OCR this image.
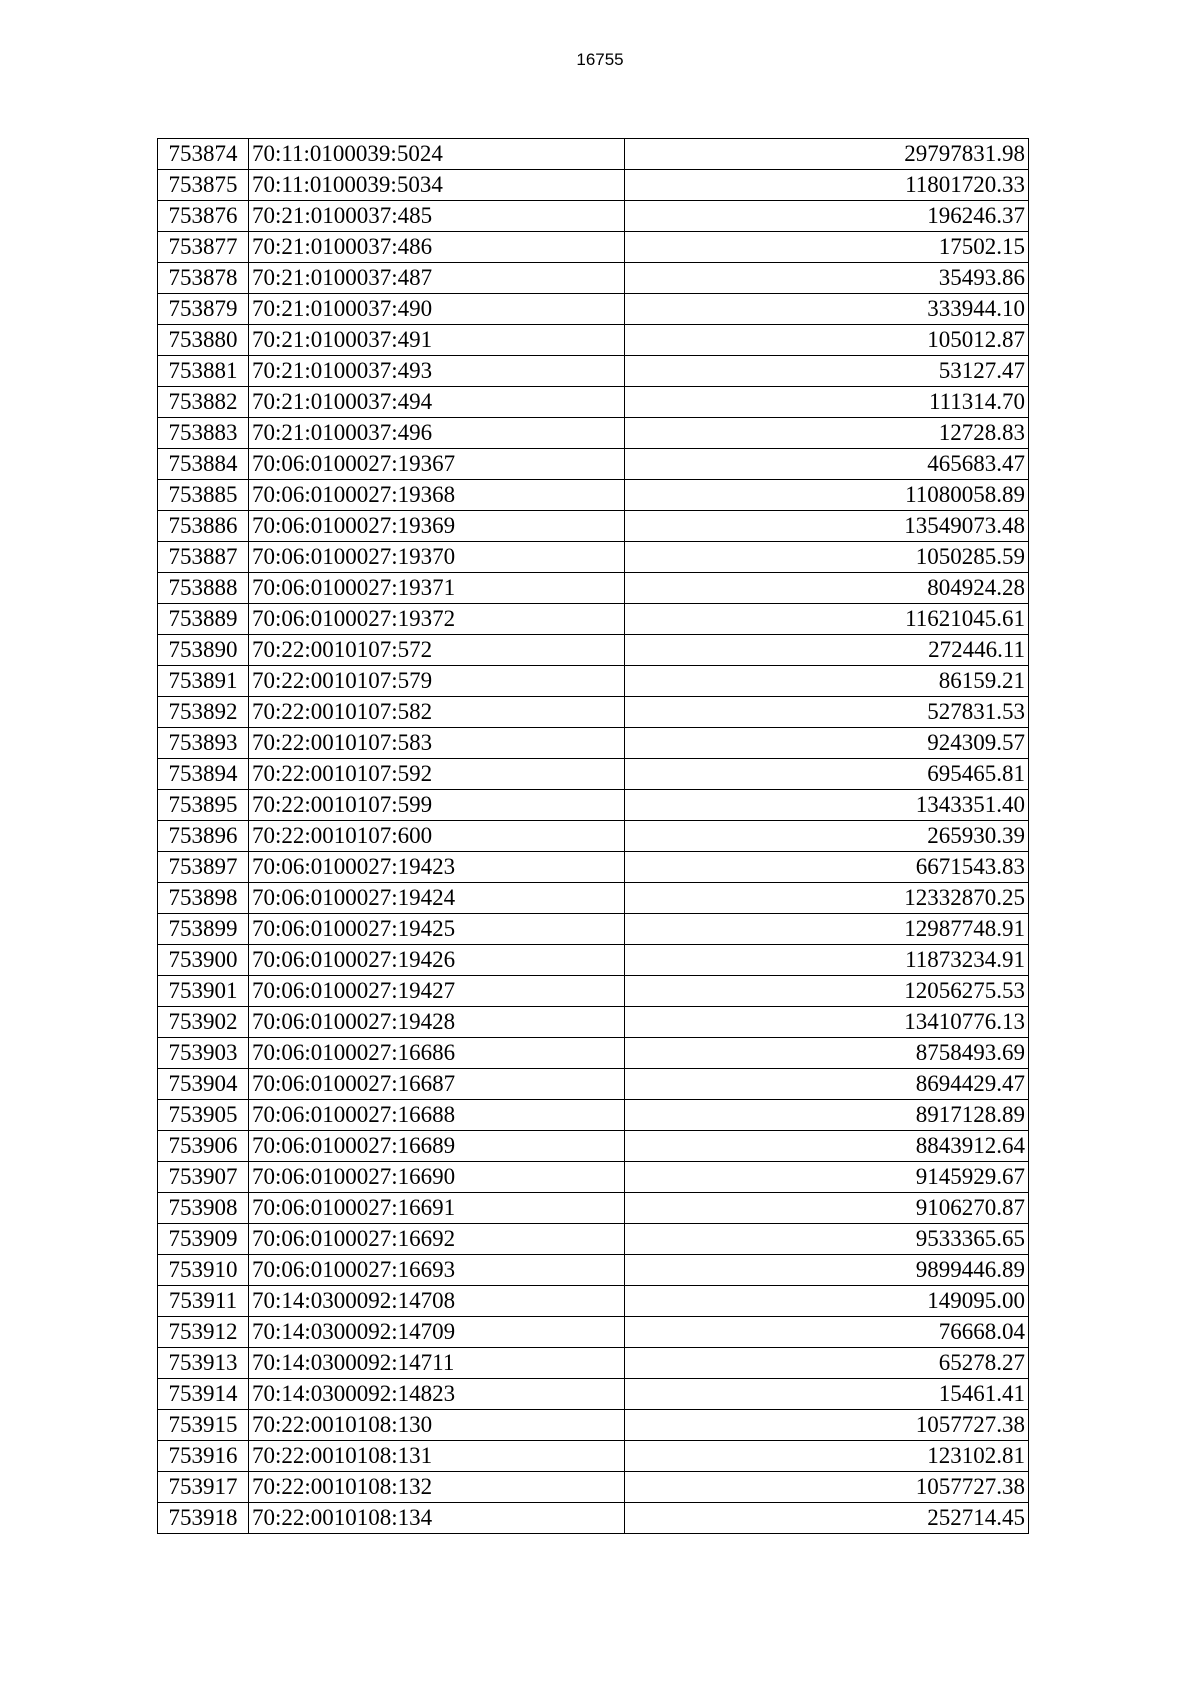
16755
753874	70:11:0100039:5024	29797831.98
753875	70:11:0100039:5034	11801720.33
753876	70:21:0100037:485	196246.37
753877	70:21:0100037:486	17502.15
753878	70:21:0100037:487	35493.86
753879	70:21:0100037:490	333944.10
753880	70:21:0100037:491	105012.87
753881	70:21:0100037:493	53127.47
753882	70:21:0100037:494	111314.70
753883	70:21:0100037:496	12728.83
753884	70:06:0100027:19367	465683.47
753885	70:06:0100027:19368	11080058.89
753886	70:06:0100027:19369	13549073.48
753887	70:06:0100027:19370	1050285.59
753888	70:06:0100027:19371	804924.28
753889	70:06:0100027:19372	11621045.61
753890	70:22:0010107:572	272446.11
753891	70:22:0010107:579	86159.21
753892	70:22:0010107:582	527831.53
753893	70:22:0010107:583	924309.57
753894	70:22:0010107:592	695465.81
753895	70:22:0010107:599	1343351.40
753896	70:22:0010107:600	265930.39
753897	70:06:0100027:19423	6671543.83
753898	70:06:0100027:19424	12332870.25
753899	70:06:0100027:19425	12987748.91
753900	70:06:0100027:19426	11873234.91
753901	70:06:0100027:19427	12056275.53
753902	70:06:0100027:19428	13410776.13
753903	70:06:0100027:16686	8758493.69
753904	70:06:0100027:16687	8694429.47
753905	70:06:0100027:16688	8917128.89
753906	70:06:0100027:16689	8843912.64
753907	70:06:0100027:16690	9145929.67
753908	70:06:0100027:16691	9106270.87
753909	70:06:0100027:16692	9533365.65
753910	70:06:0100027:16693	9899446.89
753911	70:14:0300092:14708	149095.00
753912	70:14:0300092:14709	76668.04
753913	70:14:0300092:14711	65278.27
753914	70:14:0300092:14823	15461.41
753915	70:22:0010108:130	1057727.38
753916	70:22:0010108:131	123102.81
753917	70:22:0010108:132	1057727.38
753918	70:22:0010108:134	252714.45
